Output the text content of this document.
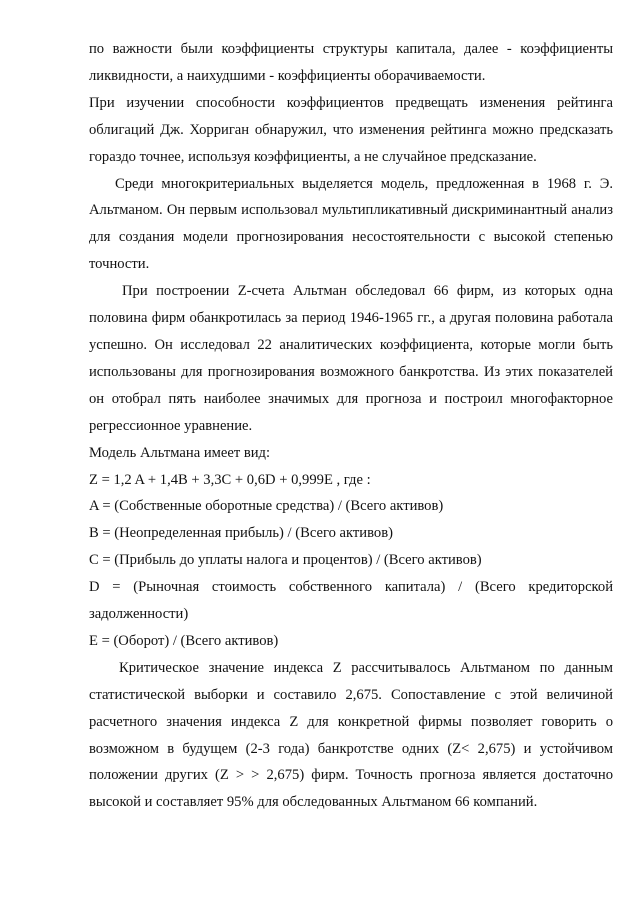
по важности были коэффициенты структуры капитала, далее - коэффициенты ликвидности, а наихудшими - коэффициенты оборачиваемости.

При изучении способности коэффициентов предвещать изменения рейтинга облигаций Дж. Хорриган обнаружил, что изменения рейтинга можно предсказать гораздо точнее, используя коэффициенты, а не случайное предсказание.

Среди многокритериальных выделяется модель, предложенная в 1968 г. Э. Альтманом. Он первым использовал мультипликативный дискриминантный анализ для создания модели прогнозирования несостоятельности с высокой степенью точности.

При построении Z-счета Альтман обследовал 66 фирм, из которых одна половина фирм обанкротилась за период 1946-1965 гг., а другая половина работала успешно. Он исследовал 22 аналитических коэффициента, которые могли быть использованы для прогнозирования возможного банкротства. Из этих показателей он отобрал пять наиболее значимых для прогноза и построил многофакторное регрессионное уравнение.

Модель Альтмана имеет вид:

Z = 1,2 A + 1,4B + 3,3C + 0,6D + 0,999E , где :

A = (Собственные оборотные средства) / (Всего активов)

B = (Неопределенная прибыль) / (Всего активов)

C = (Прибыль до уплаты налога и процентов) / (Всего активов)

D = (Рыночная стоимость собственного капитала) / (Всего кредиторской задолженности)

E = (Оборот) / (Всего активов)

Критическое значение индекса Z рассчитывалось Альтманом по данным статистической выборки и составило 2,675. Сопоставление с этой величиной расчетного значения индекса Z для конкретной фирмы позволяет говорить о возможном в будущем (2-3 года) банкротстве одних (Z< 2,675) и устойчивом положении других (Z > > 2,675) фирм. Точность прогноза является достаточно высокой и составляет 95% для обследованных Альтманом 66 компаний.
